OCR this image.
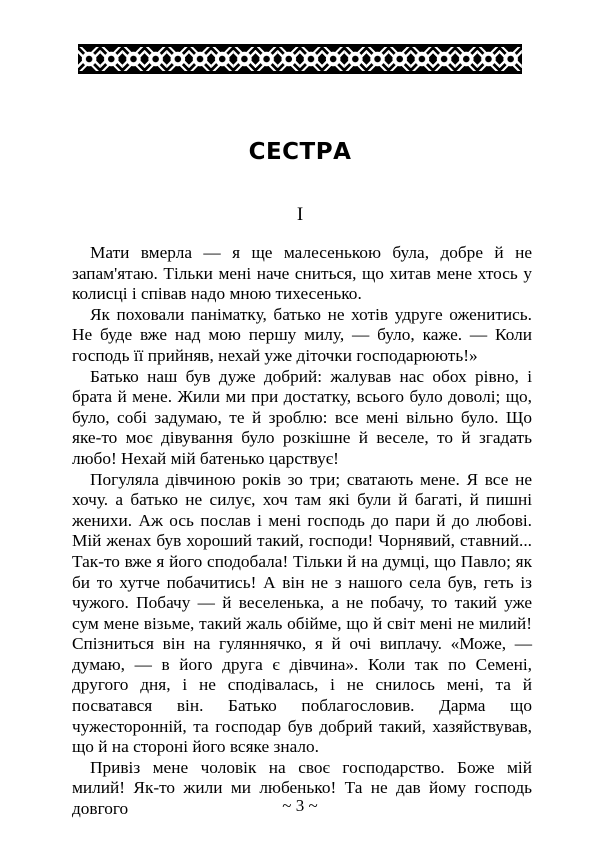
СЕСТРА
І

Мати вмерла — я ще малесенькою була, добре й не запам'ятаю. Тільки мені наче сниться, що хитав мене хтось у колисці і співав надо мною тихесенько.

Як поховали паніматку, батько не хотів удруге оженитись. Не буде вже над мою першу милу, — було, каже. — Коли господь її прийняв, нехай уже діточки господарюють!»

Батько наш був дуже добрий: жалував нас обох рівно, і брата й мене. Жили ми при достатку, всього було доволі; що, було, собі задумаю, те й зроблю: все мені вільно було. Що яке-то моє дівування було розкішне й веселе, то й згадать любо! Нехай мій батенько царствує!

Погуляла дівчиною років зо три; сватають мене. Я все не хочу. а батько не силує, хоч там які були й багаті, й пишні женихи. Аж ось послав і мені господь до пари й до любові. Мій женах був хороший такий, господи! Чорнявий, ставний... Так-то вже я його сподобала! Тільки й на думці, що Павло; як би то хутче побачитись! А він не з нашого села був, геть із чужого. Побачу — й веселенька, а не побачу, то такий уже сум мене візьме, такий жаль обійме, що й світ мені не милий! Спізниться він на гуляннячко, я й очі виплачу. «Може, — думаю, — в його друга є дівчина». Коли так по Семені, другого дня, і не сподівалась, і не снилось мені, та й посватався він. Батько поблагословив. Дарма що чужесторонній, та господар був добрий такий, хазяйствував, що й на стороні його всяке знало.

Привіз мене чоловік на своє господарство. Боже мій милий! Як-то жили ми любенько! Та не дав йому господь довгого	~ 3 ~
